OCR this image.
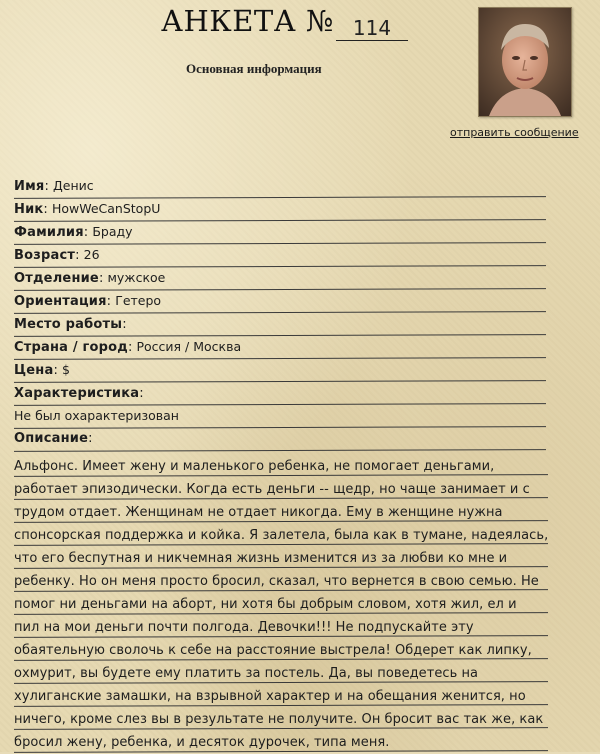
АНКЕТА № 114
Основная информация
отправить сообщение
Имя: Денис
Ник: HowWeCanStopU
Фамилия: Браду
Возраст: 26
Отделение: мужское
Ориентация: Гетеро
Место работы:
Страна / город: Россия / Москва
Цена: $
Характеристика:
Не был охарактеризован
Описание:
Альфонс. Имеет жену и маленького ребенка, не помогает деньгами,
работает эпизодически. Когда есть деньги -- щедр, но чаще занимает и с
трудом отдает. Женщинам не отдает никогда. Ему в женщине нужна
спонсорская поддержка и койка. Я залетела, была как в тумане, надеялась,
что его беспутная и никчемная жизнь изменится из за любви ко мне и
ребенку. Но он меня просто бросил, сказал, что вернется в свою семью. Не
помог ни деньгами на аборт, ни хотя бы добрым словом, хотя жил, ел и
пил на мои деньги почти полгода. Девочки!!! Не подпускайте эту
обаятельную сволочь к себе на расстояние выстрела! Обдерет как липку,
охмурит, вы будете ему платить за постель. Да, вы поведетесь на
хулиганские замашки, на взрывной характер и на обещания женится, но
ничего, кроме слез вы в результате не получите. Он бросит вас так же, как
бросил жену, ребенка, и десяток дурочек, типа меня.
